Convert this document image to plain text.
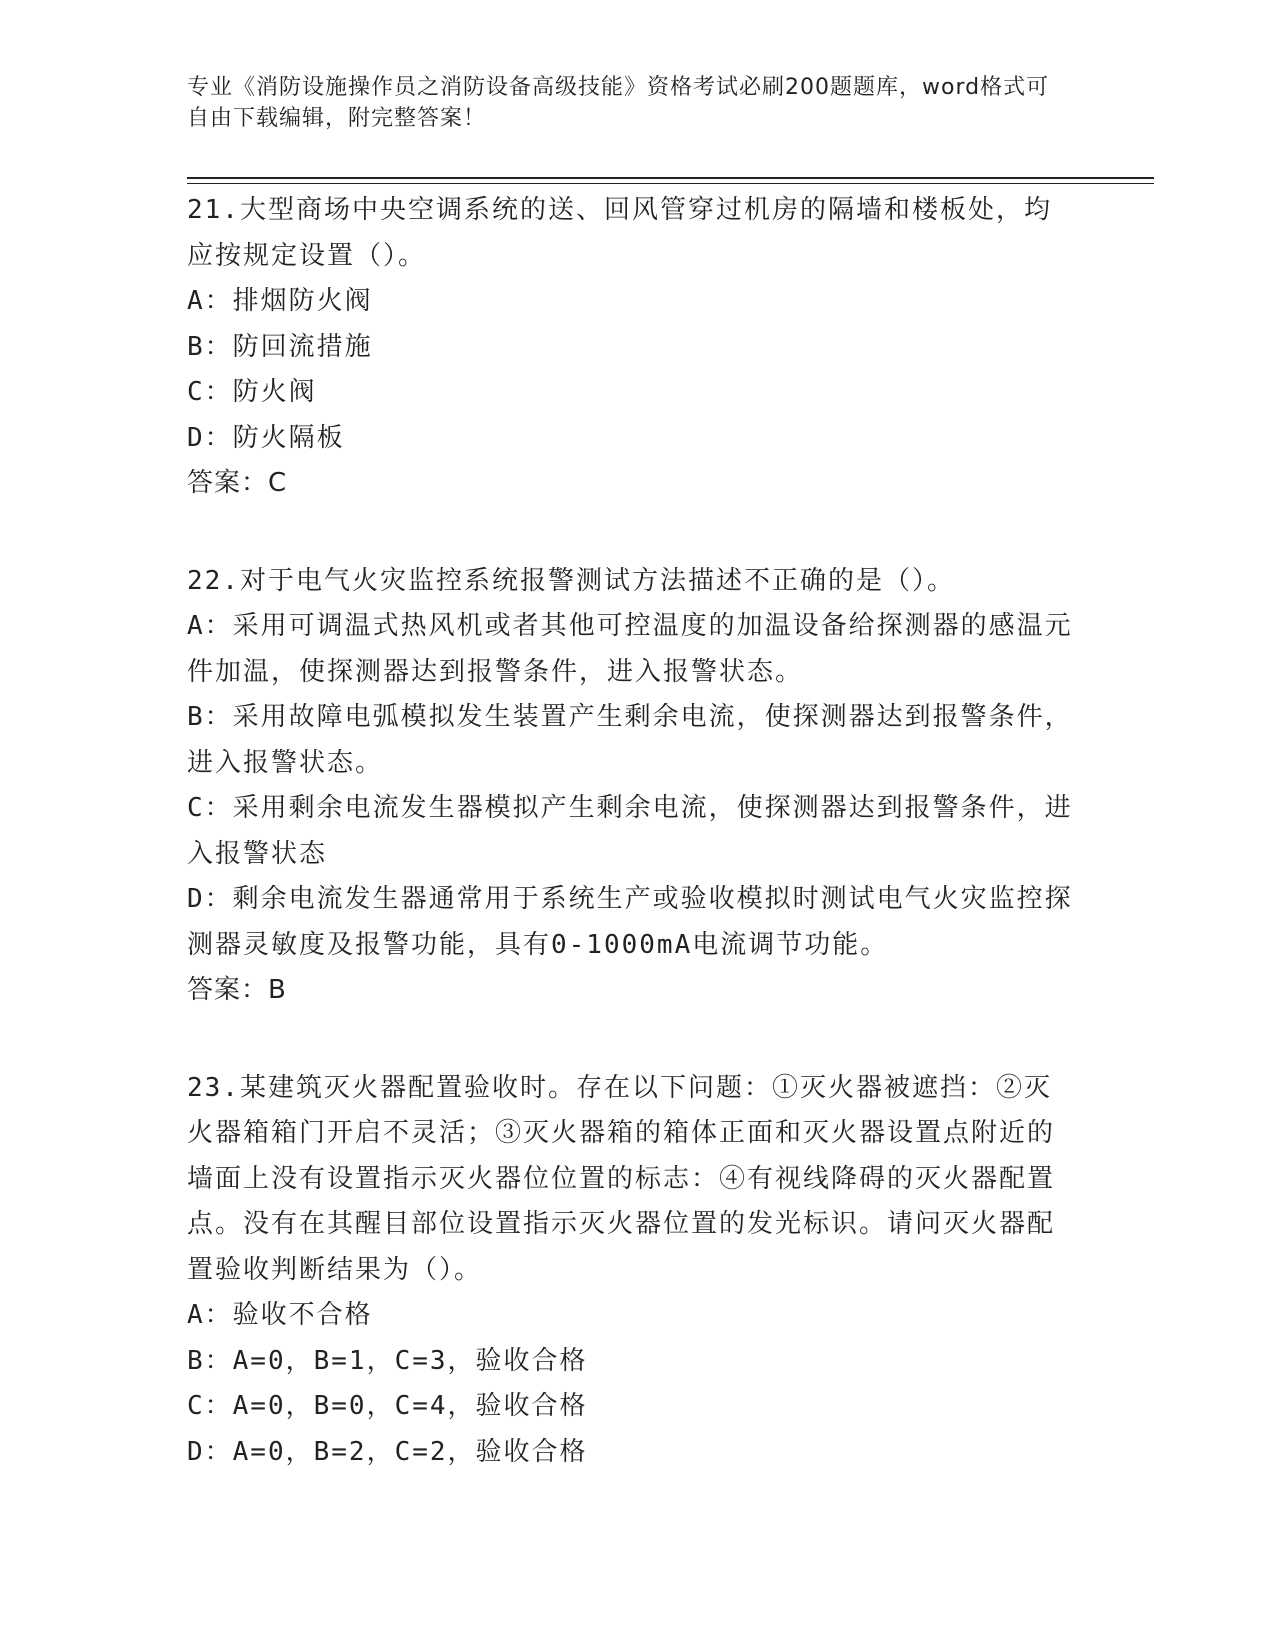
专业《消防设施操作员之消防设备高级技能》资格考试必刷200题题库，word格式可自由下载编辑，附完整答案！

21.大型商场中央空调系统的送、回风管穿过机房的隔墙和楼板处，均应按规定设置（）。

A：排烟防火阀

B：防回流措施

C：防火阀

D：防火隔板

答案：C

22.对于电气火灾监控系统报警测试方法描述不正确的是（）。

A：采用可调温式热风机或者其他可控温度的加温设备给探测器的感温元件加温，使探测器达到报警条件，进入报警状态。

B：采用故障电弧模拟发生装置产生剩余电流，使探测器达到报警条件，进入报警状态。

C：采用剩余电流发生器模拟产生剩余电流，使探测器达到报警条件，进入报警状态

D：剩余电流发生器通常用于系统生产或验收模拟时测试电气火灾监控探测器灵敏度及报警功能，具有0-1000mA电流调节功能。

答案：B

23.某建筑灭火器配置验收时。存在以下问题：①灭火器被遮挡：②灭火器箱箱门开启不灵活；③灭火器箱的箱体正面和灭火器设置点附近的墙面上没有设置指示灭火器位位置的标志：④有视线降碍的灭火器配置点。没有在其醒目部位设置指示灭火器位置的发光标识。请问灭火器配置验收判断结果为（）。

A：验收不合格

B：A=0，B=1，C=3，验收合格

C：A=0，B=0，C=4，验收合格

D：A=0，B=2，C=2，验收合格
